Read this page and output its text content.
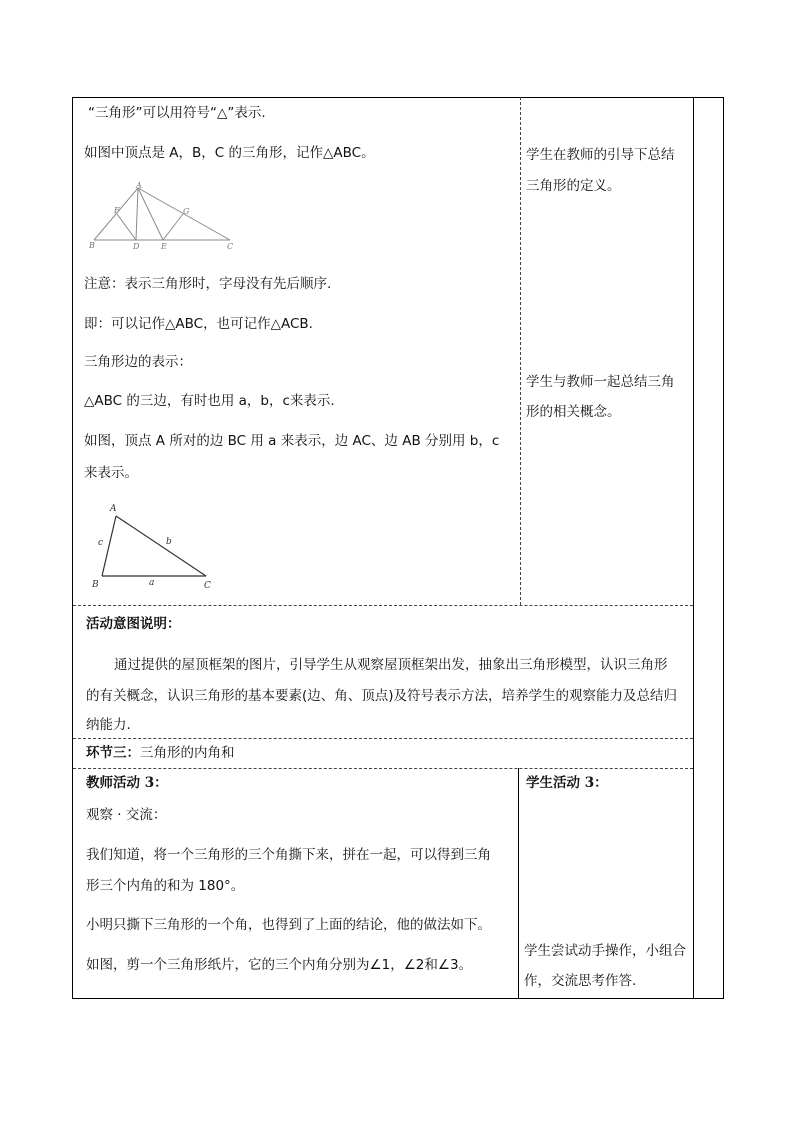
“三角形”可以用符号“△”表示.
如图中顶点是 A，B，C 的三角形，记作△ABC。
A
F	G
B	D	E	C
注意：表示三角形时，字母没有先后顺序.
即：可以记作△ABC，也可记作△ACB.
三角形边的表示：
△ABC 的三边，有时也用 a，b，c来表示.
如图，顶点 A 所对的边 BC 用 a 来表示，边 AC、边 AB 分别用 b，c
来表示。
A
B	C
a
b
c
学生在教师的引导下总结
三角形的定义。
学生与教师一起总结三角
形的相关概念。
活动意图说明：
通过提供的屋顶框架的图片，引导学生从观察屋顶框架出发，抽象出三角形模型，认识三角形
的有关概念，认识三角形的基本要素(边、角、顶点)及符号表示方法，培养学生的观察能力及总结归
纳能力.
环节三：三角形的内角和
教师活动 3：
观察 · 交流：
我们知道，将一个三角形的三个角撕下来，拼在一起，可以得到三角
形三个内角的和为 180°。
小明只撕下三角形的一个角，也得到了上面的结论，他的做法如下。
如图，剪一个三角形纸片，它的三个内角分别为∠1，∠2和∠3。
学生活动 3：
学生尝试动手操作，小组合
作，交流思考作答.
